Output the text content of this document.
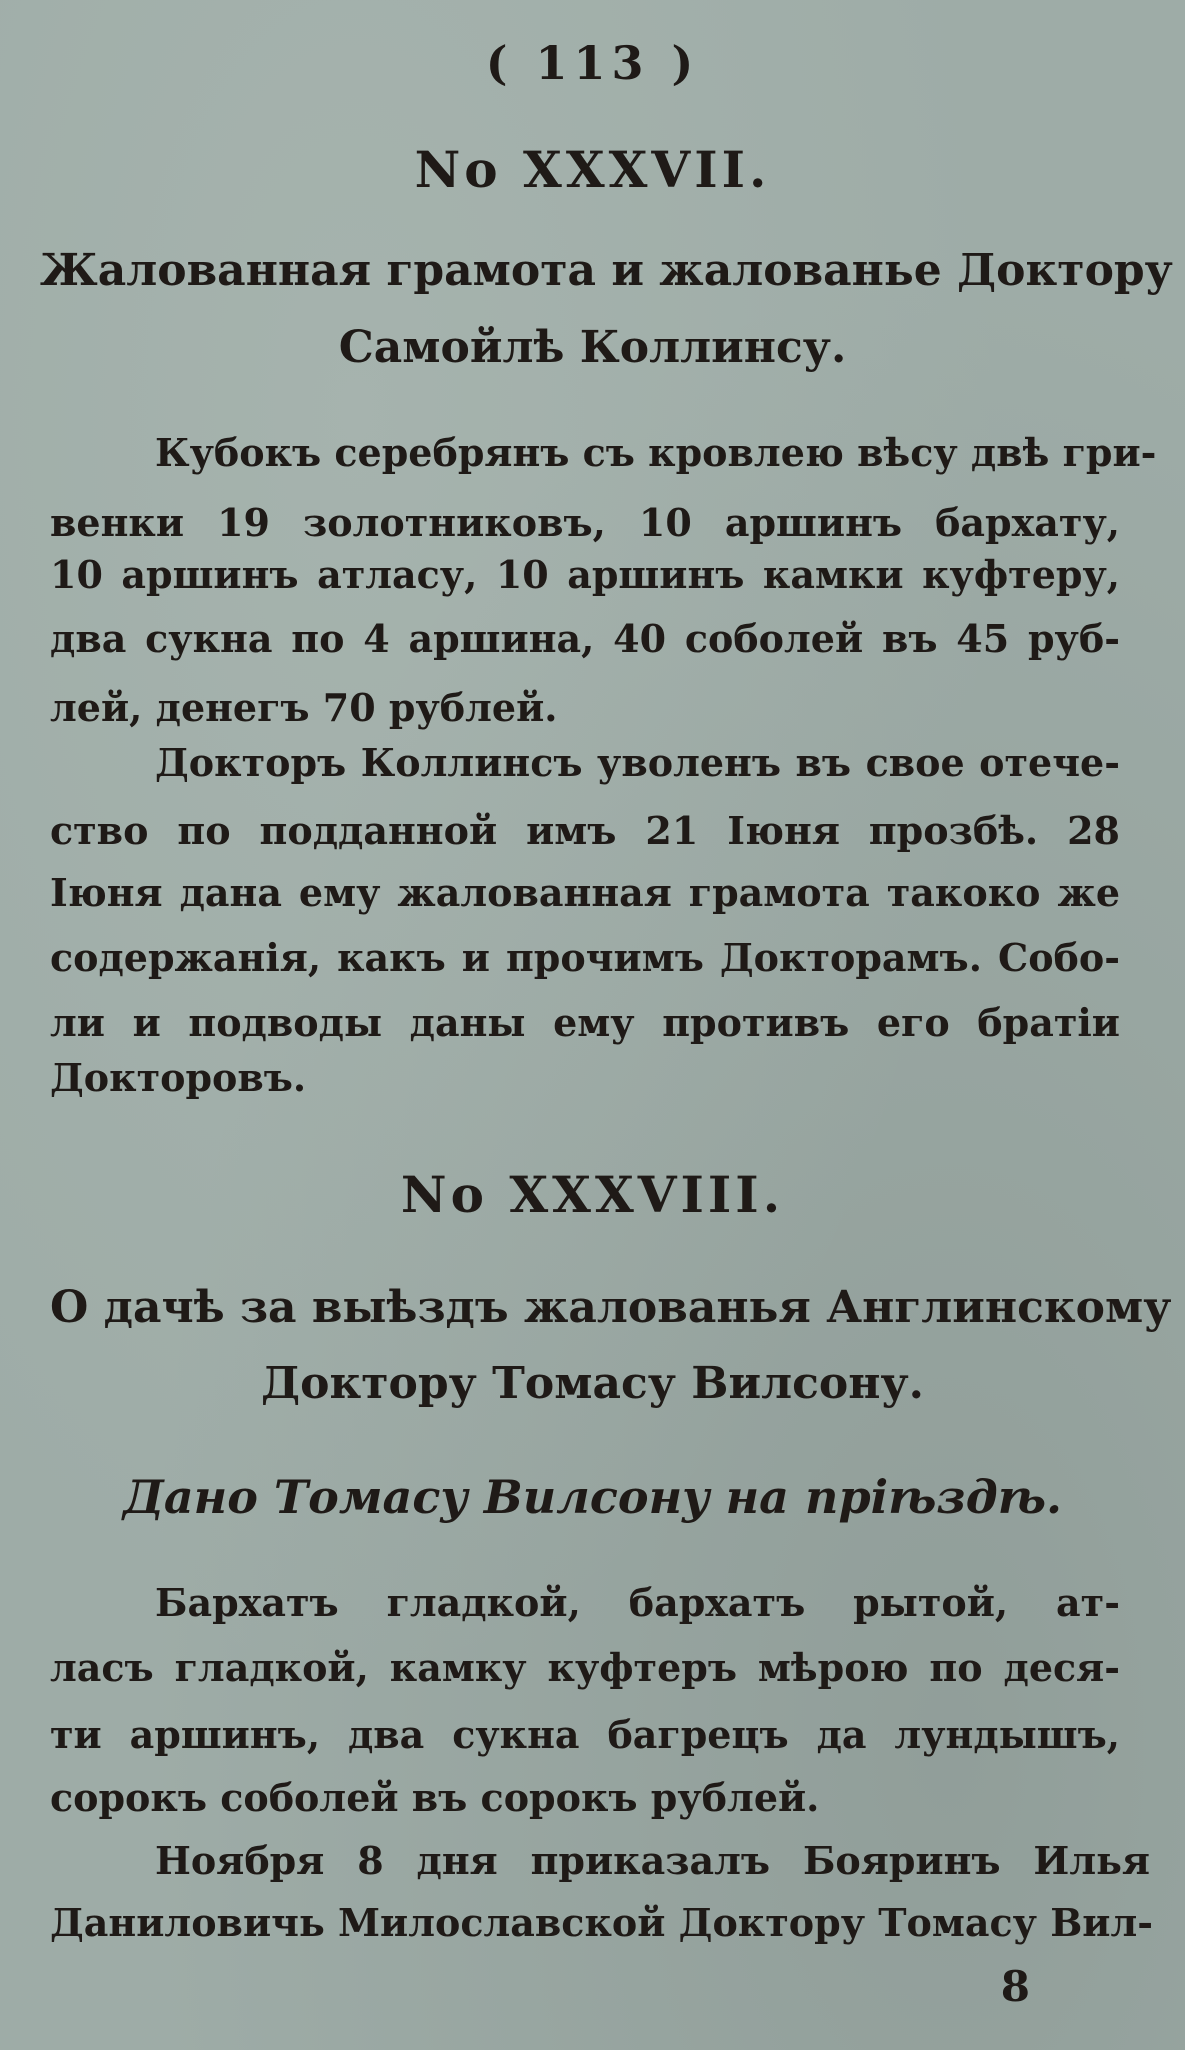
( 113 )
No XXXVII.
Жалованная грамота и жалованье Доктору
Самойлѣ Коллинсу.
Кубокъ серебрянъ съ кровлею вѣсу двѣ гри-
венки 19 золотниковъ, 10 аршинъ бархату,
10 аршинъ атласу, 10 аршинъ камки куфтеру,
два сукна по 4 аршина, 40 соболей въ 45 руб-
лей, денегъ 70 рублей.
Докторъ Коллинсъ уволенъ въ свое отече-
ство по подданной имъ 21 Іюня прозбѣ. 28
Іюня дана ему жалованная грамота такоко же
содержанія, какъ и прочимъ Докторамъ. Собо-
ли и подводы даны ему противъ его братіи
Докторовъ.
No XXXVIII.
О дачѣ за выѣздъ жалованья Англинскому
Доктору Томасу Вилсону.
Дано Томасу Вилсону на пріѣздѣ.
Бархатъ гладкой, бархатъ рытой, ат-
ласъ гладкой, камку куфтеръ мѣрою по деся-
ти аршинъ, два сукна багрецъ да лундышъ,
сорокъ соболей въ сорокъ рублей.
Ноября 8 дня приказалъ Бояринъ Илья
Даниловичь Милославской Доктору Томасу Вил-
8
